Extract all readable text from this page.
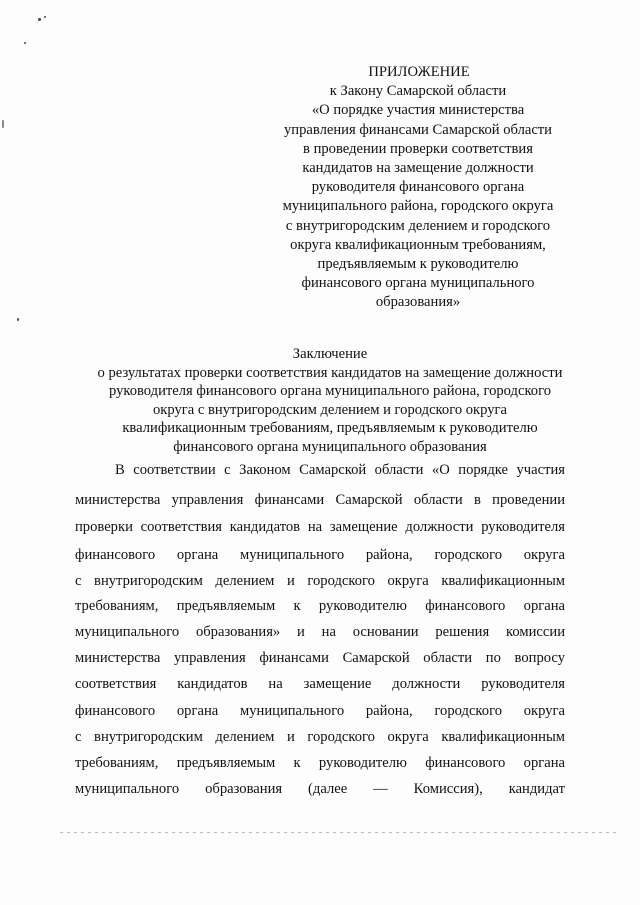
ПРИЛОЖЕНИЕ
к Закону Самарской области
«О порядке участия министерства
управления финансами Самарской области
в проведении проверки соответствия
кандидатов на замещение должности
руководителя финансового органа
муниципального района, городского округа
с внутригородским делением и городского
округа квалификационным требованиям,
предъявляемым к руководителю
финансового органа муниципального
образования»
Заключение
о результатах проверки соответствия кандидатов на замещение должности
руководителя финансового органа муниципального района, городского
округа с внутригородским делением и городского округа
квалификационным требованиям, предъявляемым к руководителю
финансового органа муниципального образования
В соответствии с Законом Самарской области «О порядке участия
министерства управления финансами Самарской области в проведении
проверки соответствия кандидатов на замещение должности руководителя
финансового органа муниципального района, городского округа
с внутригородским делением и городского округа квалификационным
требованиям, предъявляемым к руководителю финансового органа
муниципального образования» и на основании решения комиссии
министерства управления финансами Самарской области по вопросу
соответствия кандидатов на замещение должности руководителя
финансового органа муниципального района, городского округа
с внутригородским делением и городского округа квалификационным
требованиям, предъявляемым к руководителю финансового органа
муниципального образования (далее — Комиссия), кандидат
